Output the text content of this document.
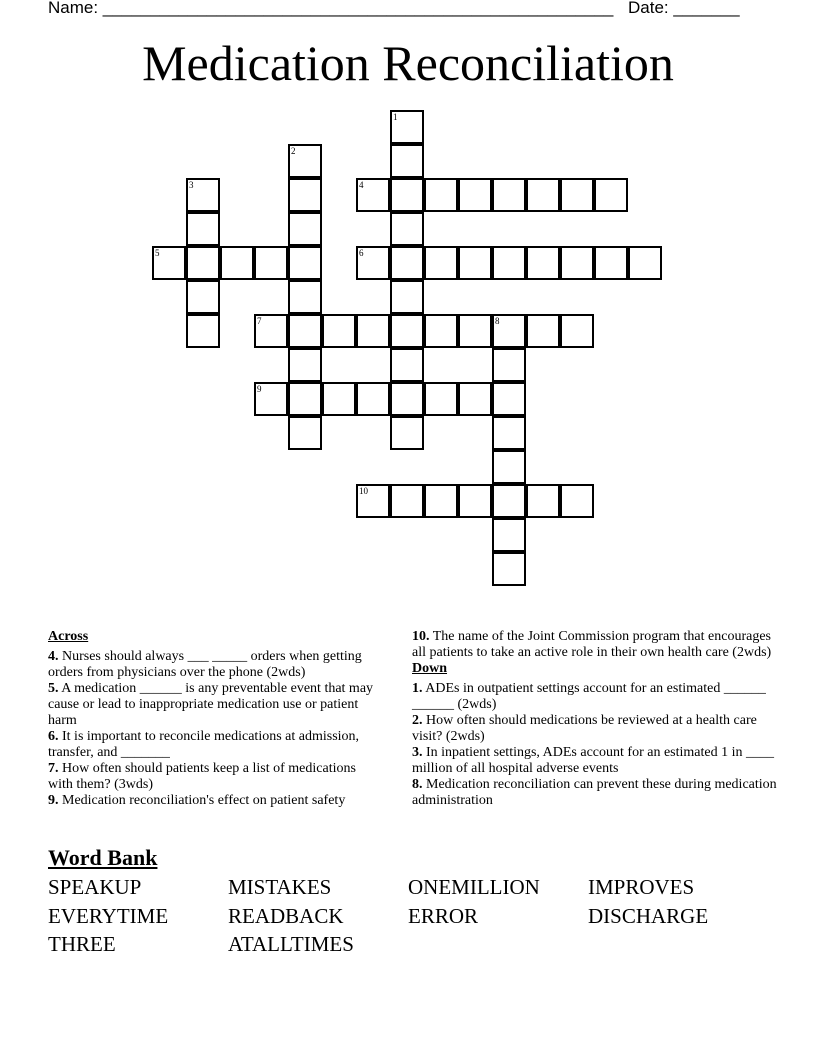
Name: ______________________________________________________ Date: _______
Medication Reconciliation
4
5	6
7	8
9
10
1
2
3
Across
4. Nurses should always ___ _____ orders when getting orders from physicians over the phone (2wds)
5. A medication ______ is any preventable event that may cause or lead to inappropriate medication use or patient harm
6. It is important to reconcile medications at admission, transfer, and _______
7. How often should patients keep a list of medications with them? (3wds)
9. Medication reconciliation's effect on patient safety
10. The name of the Joint Commission program that encourages all patients to take an active role in their own health care (2wds)
Down
1. ADEs in outpatient settings account for an estimated ______ ______ (2wds)
2. How often should medications be reviewed at a health care visit? (2wds)
3. In inpatient settings, ADEs account for an estimated 1 in ____ million of all hospital adverse events
8. Medication reconciliation can prevent these during medication administration
Word Bank
SPEAKUP	MISTAKES	ONEMILLION IMPROVES
EVERYTIME	READBACK	ERROR	DISCHARGE
THREE	ATALLTIMES
